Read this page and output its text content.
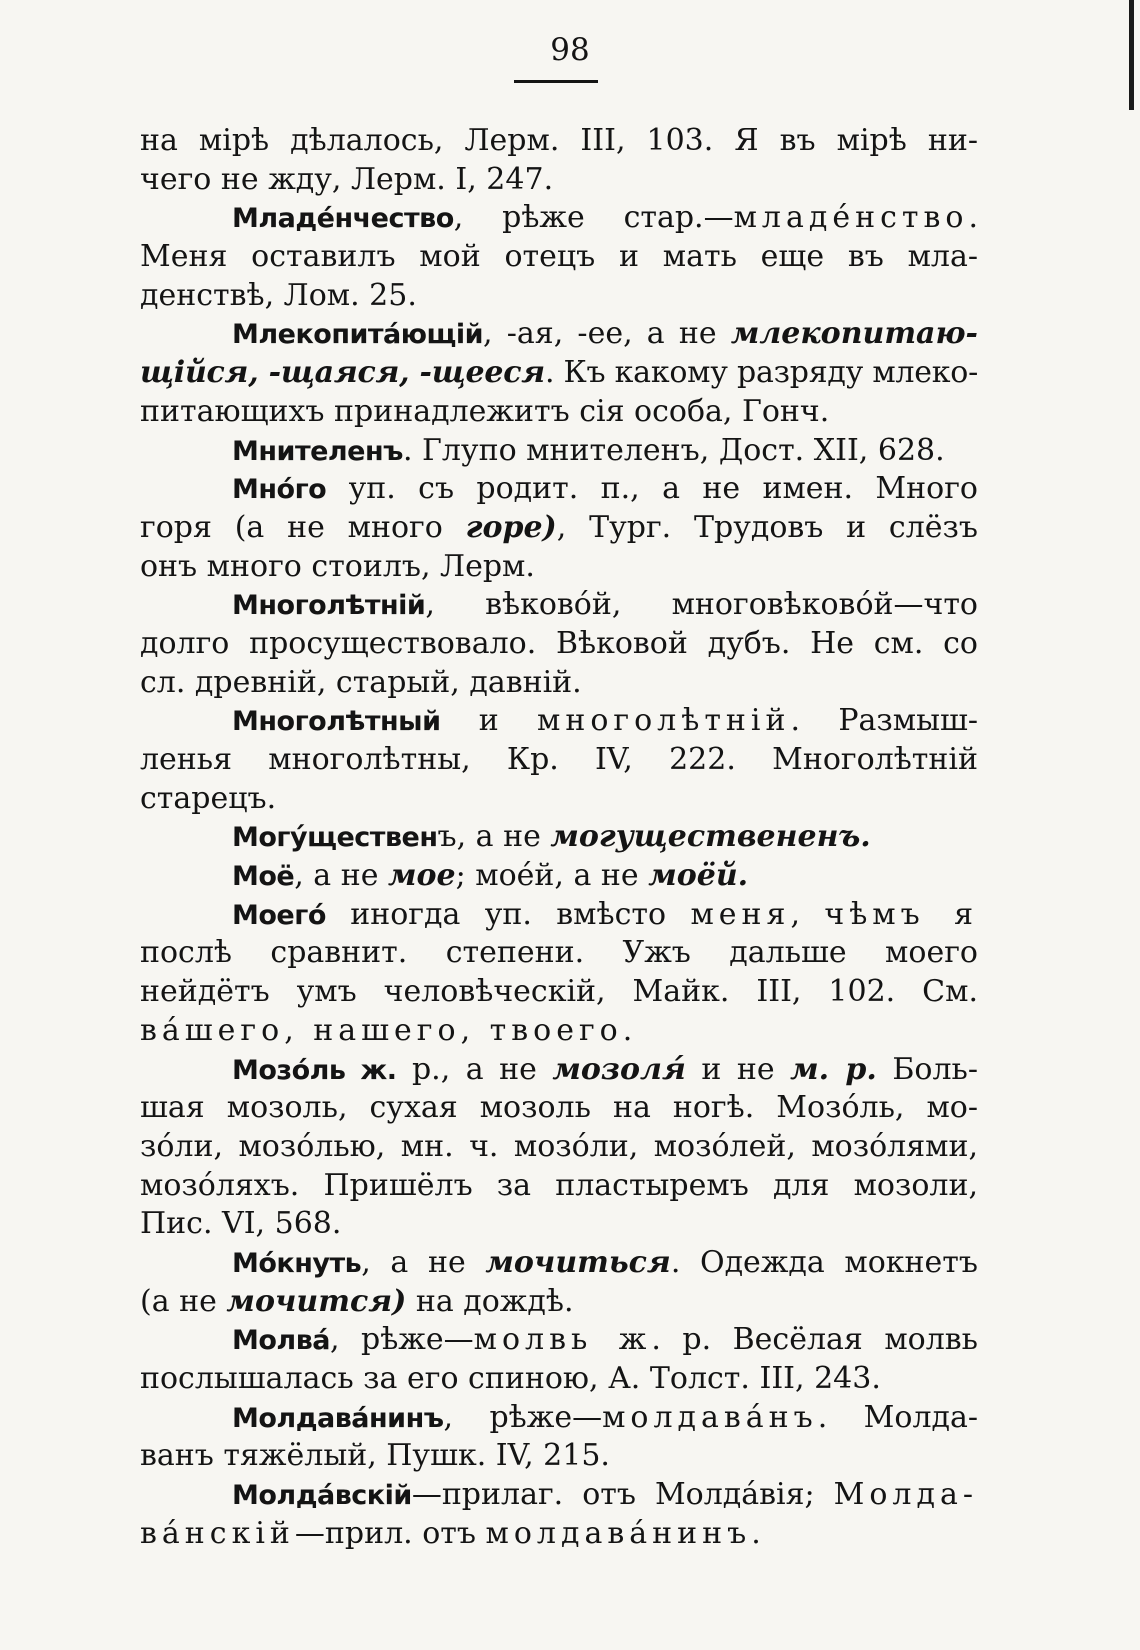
98
на мірѣ дѣлалось, Лерм. III, 103. Я въ мірѣ ни-
чего не жду, Лерм. I, 247.
Младéнчество, рѣже стар.—младéнство.
Меня оставилъ мой отецъ и мать еще въ мла-
денствѣ, Лом. 25.
Млекопитáющій, -ая, -ее, а не млекопитаю-
щійся, -щаяся, -щееся. Къ какому разряду млеко-
питающихъ принадлежитъ сія особа, Гонч.
Мнителенъ. Глупо мнителенъ, Дост. XII, 628.
Мнóго уп. съ родит. п., а не имен. Много
горя (а не много горе), Тург. Трудовъ и слёзъ
онъ много стоилъ, Лерм.
Многолѣтній, вѣковóй, многовѣковóй—что
долго просуществовало. Вѣковой дубъ. Не см. со
сл. древній, старый, давній.
Многолѣтный и многолѣтній. Размыш-
ленья многолѣтны, Кр. IV, 222. Многолѣтній
старецъ.
Могýщественъ, а не могуществененъ.
Моё, а не мое; моéй, а не моёй.
Моегó иногда уп. вмѣсто меня, чѣмъ я
послѣ сравнит. степени. Ужъ дальше моего
нейдётъ умъ человѣческій, Майк. III, 102. См.
вáшего, нашего, твоего.
Мозóль ж. р., а не мозоля́ и не м. р. Боль-
шая мозоль, сухая мозоль на ногѣ. Мозóль, мо-
зóли, мозóлью, мн. ч. мозóли, мозóлей, мозóлями,
мозóляхъ. Пришёлъ за пластыремъ для мозоли,
Пис. VI, 568.
Мóкнуть, а не мочиться. Одежда мокнетъ
(а не мочится) на дождѣ.
Молвá, рѣже—молвь ж. р. Весёлая молвь
послышалась за его спиною, А. Толст. III, 243.
Молдавáнинъ, рѣже—молдавáнъ. Молда-
ванъ тяжёлый, Пушк. IV, 215.
Молдáвскій—прилаг. отъ Молдáвія; Молда-
вáнскій—прил. отъ молдавáнинъ.
